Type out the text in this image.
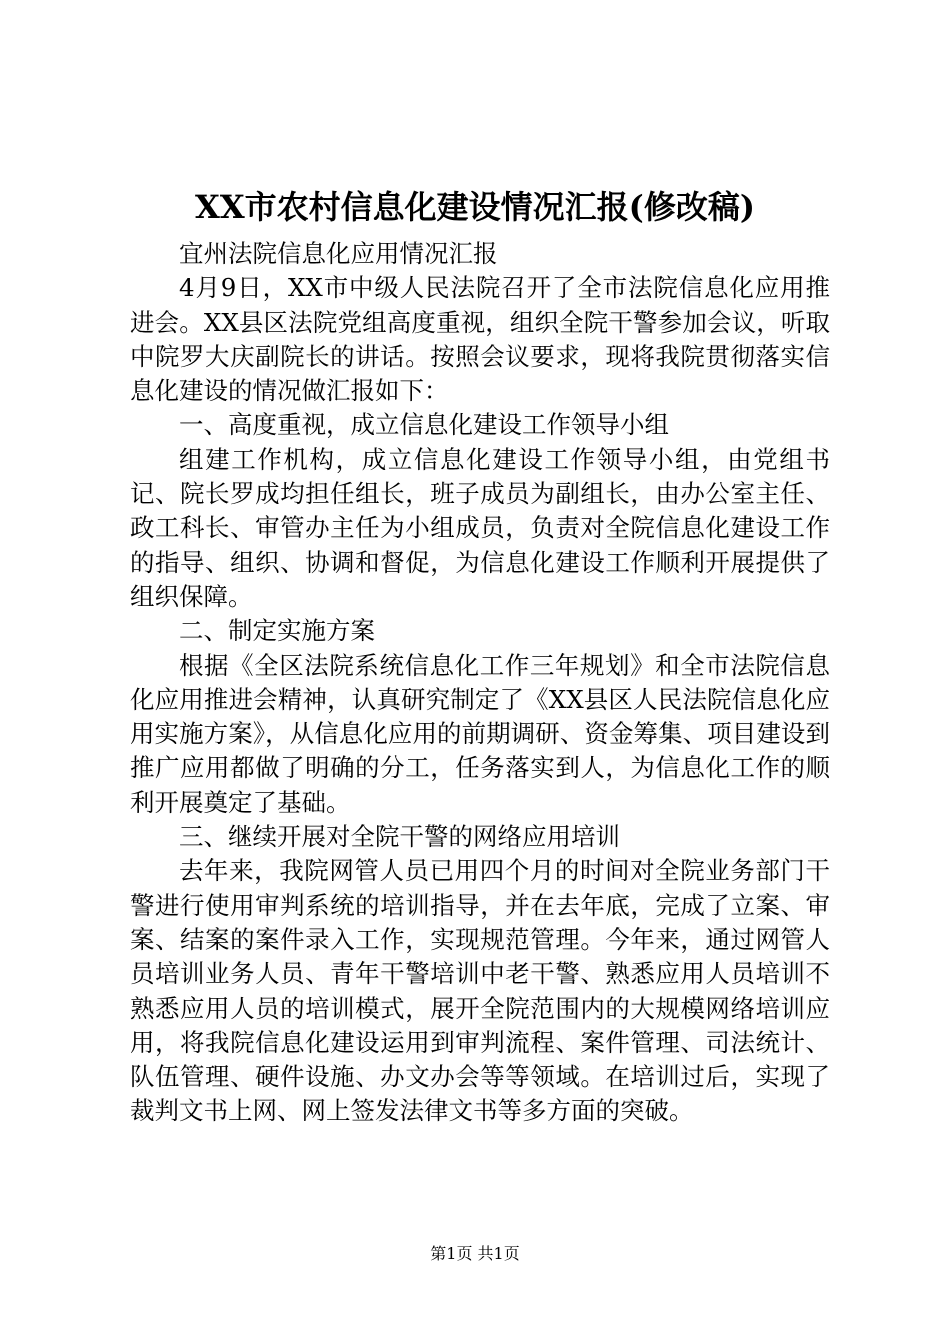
XX市农村信息化建设情况汇报(修改稿)

宜州法院信息化应用情况汇报

4月9日，XX市中级人民法院召开了全市法院信息化应用推进会。XX县区法院党组高度重视，组织全院干警参加会议，听取中院罗大庆副院长的讲话。按照会议要求，现将我院贯彻落实信息化建设的情况做汇报如下：

一、高度重视，成立信息化建设工作领导小组

组建工作机构，成立信息化建设工作领导小组，由党组书记、院长罗成均担任组长，班子成员为副组长，由办公室主任、政工科长、审管办主任为小组成员，负责对全院信息化建设工作的指导、组织、协调和督促，为信息化建设工作顺利开展提供了组织保障。

二、制定实施方案

根据《全区法院系统信息化工作三年规划》和全市法院信息化应用推进会精神，认真研究制定了《XX县区人民法院信息化应用实施方案》，从信息化应用的前期调研、资金筹集、项目建设到推广应用都做了明确的分工，任务落实到人，为信息化工作的顺利开展奠定了基础。

三、继续开展对全院干警的网络应用培训

去年来，我院网管人员已用四个月的时间对全院业务部门干警进行使用审判系统的培训指导，并在去年底，完成了立案、审案、结案的案件录入工作，实现规范管理。今年来，通过网管人员培训业务人员、青年干警培训中老干警、熟悉应用人员培训不熟悉应用人员的培训模式，展开全院范围内的大规模网络培训应用，将我院信息化建设运用到审判流程、案件管理、司法统计、队伍管理、硬件设施、办文办会等等领域。在培训过后，实现了裁判文书上网、网上签发法律文书等多方面的突破。

第1页 共1页
